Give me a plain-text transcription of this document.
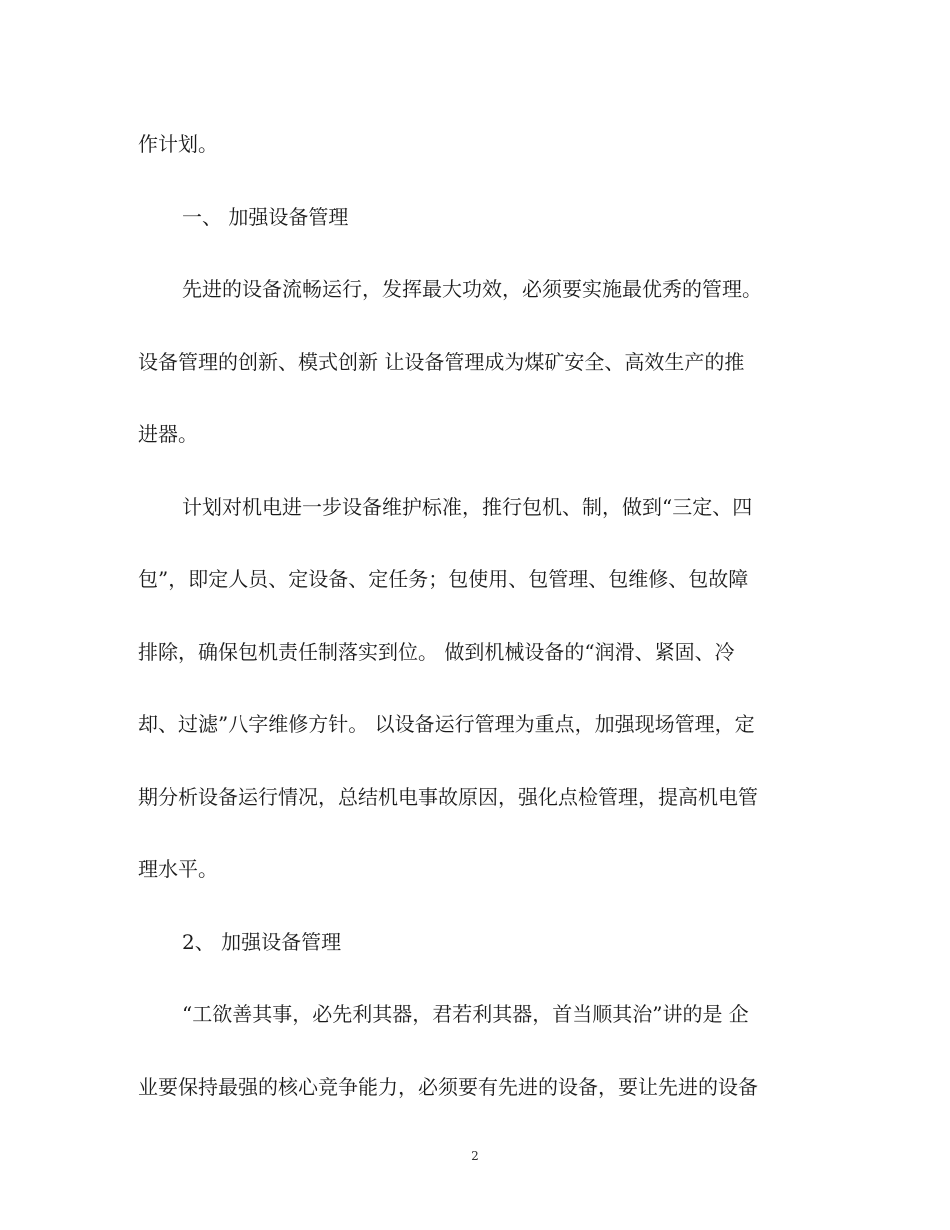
作计划。
一、 加强设备管理
先进的设备流畅运行，发挥最大功效，必须要实施最优秀的管理。
设备管理的创新、模式创新 让设备管理成为煤矿安全、高效生产的推
进器。
计划对机电进一步设备维护标准，推行包机、制，做到“三定、四
包”，即定人员、定设备、定任务；包使用、包管理、包维修、包故障
排除，确保包机责任制落实到位。 做到机械设备的“润滑、紧固、冷
却、过滤”八字维修方针。 以设备运行管理为重点，加强现场管理，定
期分析设备运行情况，总结机电事故原因，强化点检管理，提高机电管
理水平。
2、 加强设备管理
“工欲善其事，必先利其器，君若利其器，首当顺其治”讲的是 企
业要保持最强的核心竞争能力，必须要有先进的设备，要让先进的设备
2
